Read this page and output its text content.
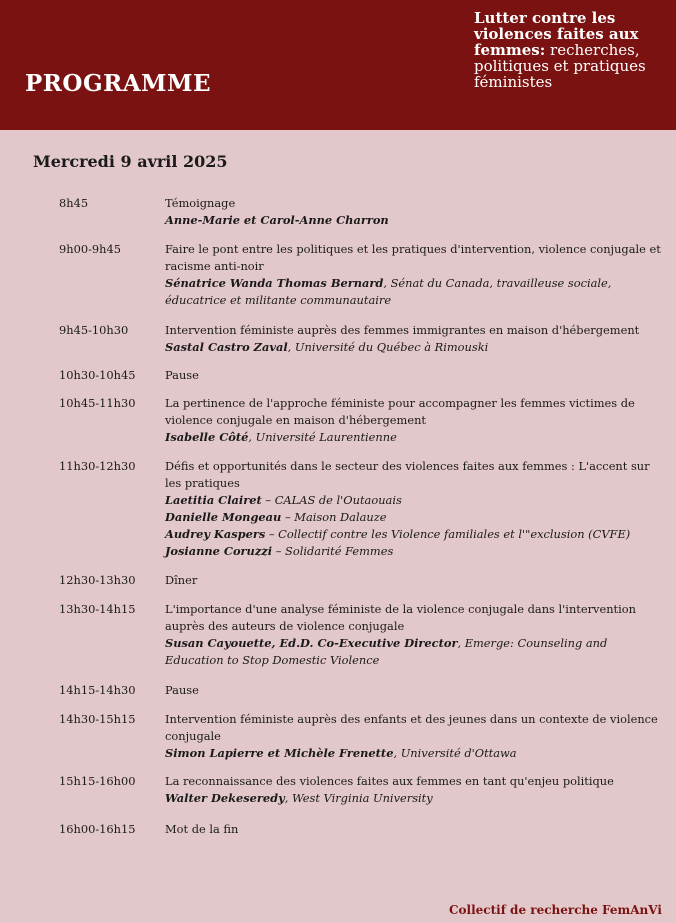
PROGRAMME
Lutter contre les violences faites aux femmes: recherches, politiques et pratiques féministes
Mercredi 9 avril 2025
8h45	Témoignage
Anne-Marie et Carol-Anne Charron
9h00-9h45	Faire le pont entre les politiques et les pratiques d'intervention, violence conjugale et racisme anti-noir
Sénatrice Wanda Thomas Bernard, Sénat du Canada, travailleuse sociale, éducatrice et militante communautaire
9h45-10h30	Intervention féministe auprès des femmes immigrantes en maison d'hébergement
Sastal Castro Zaval, Université du Québec à Rimouski
10h30-10h45	Pause
10h45-11h30	La pertinence de l'approche féministe pour accompagner les femmes victimes de violence conjugale en maison d'hébergement
Isabelle Côté, Université Laurentienne
11h30-12h30	Défis et opportunités dans le secteur des violences faites aux femmes : L'accent sur les pratiques
Laetitia Clairet – CALAS de l'Outaouais
Danielle Mongeau – Maison Dalauze
Audrey Kaspers – Collectif contre les Violence familiales et l'"exclusion (CVFE)
Josianne Coruzzi – Solidarité Femmes
12h30-13h30	Dîner
13h30-14h15	L'importance d'une analyse féministe de la violence conjugale dans l'intervention auprès des auteurs de violence conjugale
Susan Cayouette, Ed.D. Co-Executive Director, Emerge: Counseling and Education to Stop Domestic Violence
14h15-14h30	Pause
14h30-15h15	Intervention féministe auprès des enfants et des jeunes dans un contexte de violence conjugale
Simon Lapierre et Michèle Frenette, Université d'Ottawa
15h15-16h00	La reconnaissance des violences faites aux femmes en tant qu'enjeu politique
Walter Dekeseredy, West Virginia University
16h00-16h15	Mot de la fin
Collectif de recherche FemAnVi
